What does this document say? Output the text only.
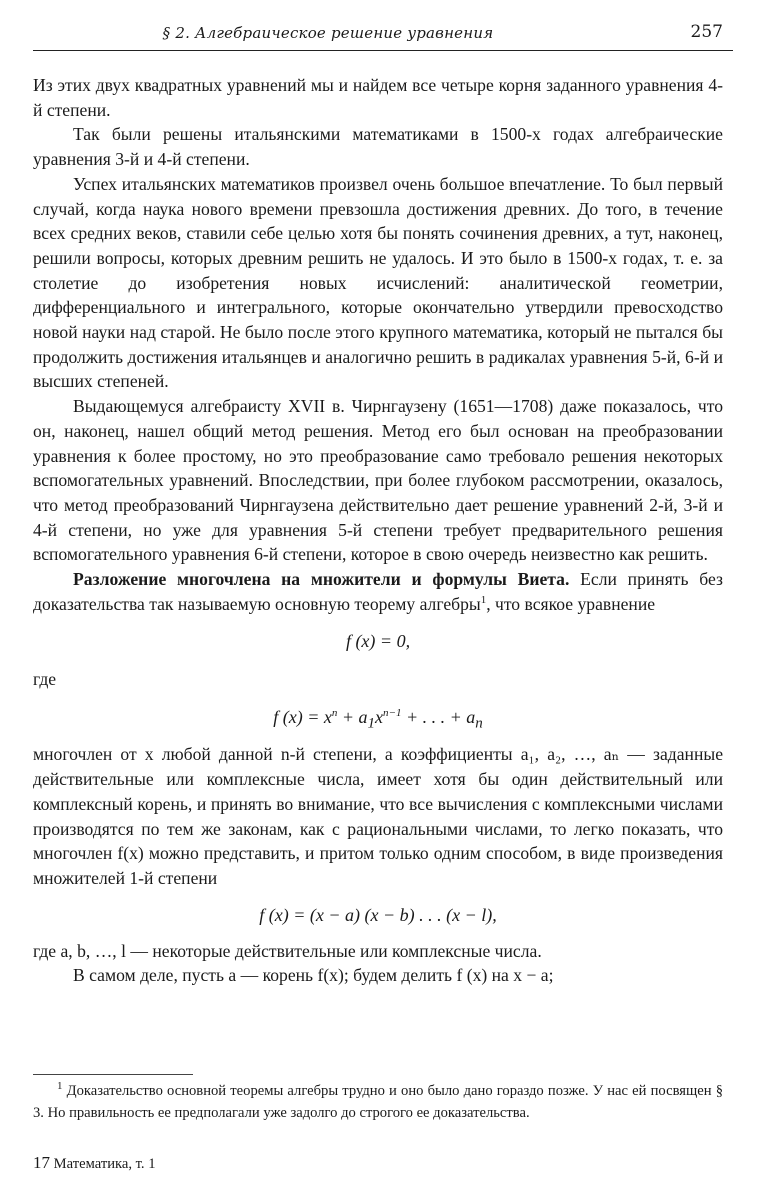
§ 2. Алгебраическое решение уравнения	257

Из этих двух квадратных уравнений мы и найдем все четыре корня заданного уравнения 4-й степени.

Так были решены итальянскими математиками в 1500-х годах алгебраические уравнения 3-й и 4-й степени.

Успех итальянских математиков произвел очень большое впечатление. То был первый случай, когда наука нового времени превзошла достижения древних. До того, в течение всех средних веков, ставили себе целью хотя бы понять сочинения древних, а тут, наконец, решили вопросы, которых древним решить не удалось. И это было в 1500-х годах, т. е. за столетие до изобретения новых исчислений: аналитической геометрии, дифференциального и интегрального, которые окончательно утвердили превосходство новой науки над старой. Не было после этого крупного математика, который не пытался бы продолжить достижения итальянцев и аналогично решить в радикалах уравнения 5-й, 6-й и высших степеней.

Выдающемуся алгебраисту XVII в. Чирнгаузену (1651—1708) даже показалось, что он, наконец, нашел общий метод решения. Метод его был основан на преобразовании уравнения к более простому, но это преобразование само требовало решения некоторых вспомогательных уравнений. Впоследствии, при более глубоком рассмотрении, оказалось, что метод преобразований Чирнгаузена действительно дает решение уравнений 2-й, 3-й и 4-й степени, но уже для уравнения 5-й степени требует предварительного решения вспомогательного уравнения 6-й степени, которое в свою очередь неизвестно как решить.

Разложение многочлена на множители и формулы Виета. Если принять без доказательства так называемую основную теорему алгебры$^1$, что всякое уравнение

f (x) = 0,
где
f $(x) = x^n + a_1x^{n-1}$ + . . . + $a_n$

многочлен от x любой данной n-й степени, а коэффициенты a₁, a₂, …, aₙ — заданные действительные или комплексные числа, имеет хотя бы один действительный или комплексный корень, и принять во внимание, что все вычисления с комплексными числами производятся по тем же законам, как с рациональными числами, то легко показать, что многочлен f(x) можно представить, и притом только одним способом, в виде произведения множителей 1-й степени

f (x) = (x − a) (x − b) . . . (x − l),

где a, b, …, l — некоторые действительные или комплексные числа.

В самом деле, пусть a — корень f(x); будем делить f (x) на x − a;

$^1$ Доказательство основной теоремы алгебры трудно и оно было дано гораздо позже. У нас ей посвящен § 3. Но правильность ее предполагали уже задолго до строгого ее доказательства.
17 Математика, т. 1
